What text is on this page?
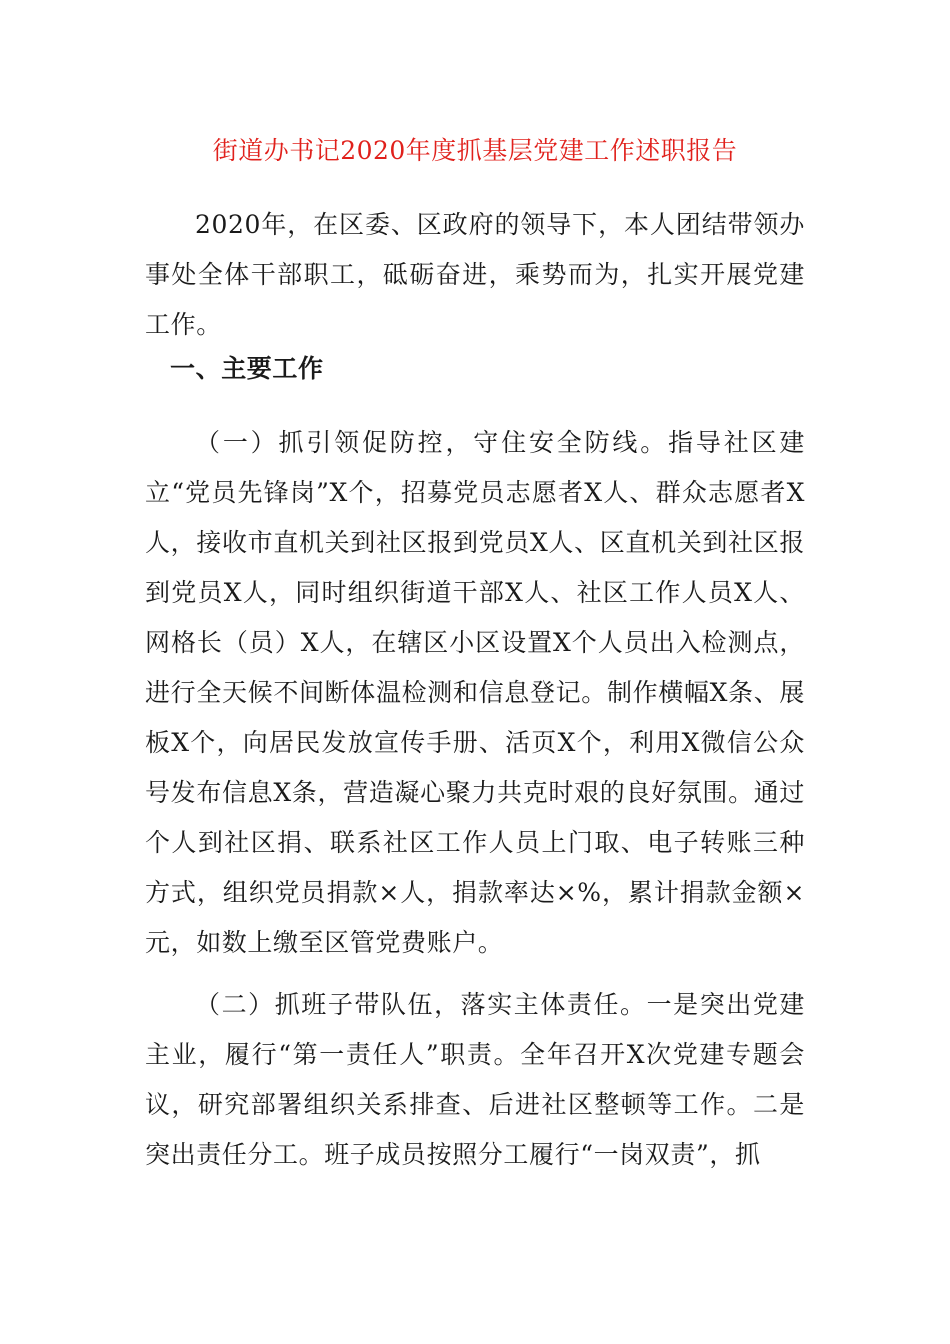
街道办书记2020年度抓基层党建工作述职报告

2020年，在区委、区政府的领导下，本人团结带领办事处全体干部职工，砥砺奋进，乘势而为，扎实开展党建工作。

一、主要工作

（一）抓引领促防控，守住安全防线。指导社区建立“党员先锋岗”X个，招募党员志愿者X人、群众志愿者X人，接收市直机关到社区报到党员X人、区直机关到社区报到党员X人，同时组织街道干部X人、社区工作人员X人、网格长（员）X人，在辖区小区设置X个人员出入检测点，进行全天候不间断体温检测和信息登记。制作横幅X条、展板X个，向居民发放宣传手册、活页X个，利用X微信公众号发布信息X条，营造凝心聚力共克时艰的良好氛围。通过个人到社区捐、联系社区工作人员上门取、电子转账三种方式，组织党员捐款×人，捐款率达×%，累计捐款金额×元，如数上缴至区管党费账户。

（二）抓班子带队伍，落实主体责任。一是突出党建主业，履行“第一责任人”职责。全年召开X次党建专题会议，研究部署组织关系排查、后进社区整顿等工作。二是突出责任分工。班子成员按照分工履行“一岗双责”，抓
